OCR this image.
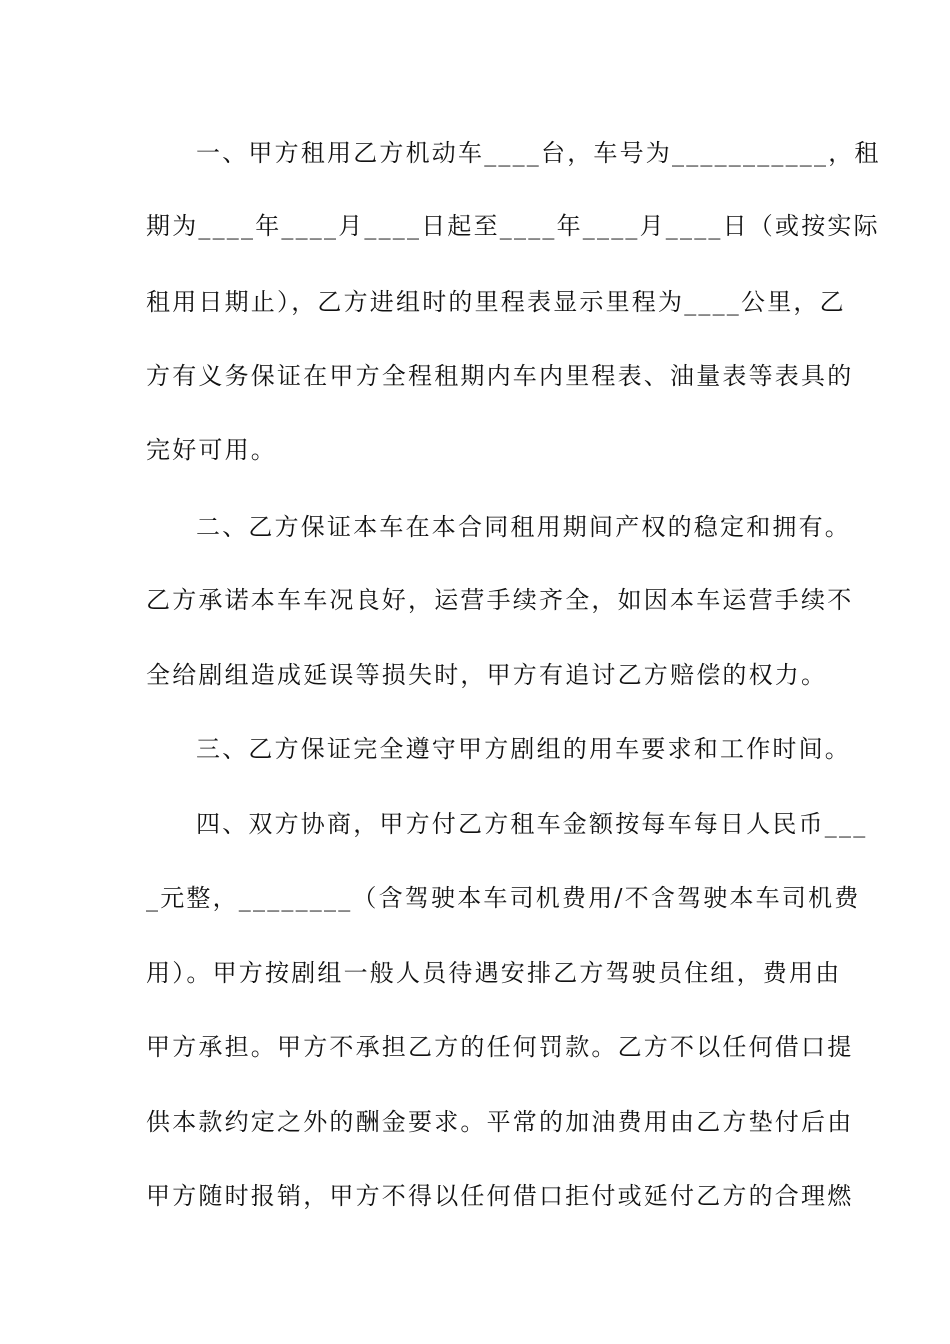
一、甲方租用乙方机动车____台，车号为___________，租
期为____年____月____日起至____年____月____日（或按实际
租用日期止），乙方进组时的里程表显示里程为____公里，乙
方有义务保证在甲方全程租期内车内里程表、油量表等表具的
完好可用。
二、乙方保证本车在本合同租用期间产权的稳定和拥有。
乙方承诺本车车况良好，运营手续齐全，如因本车运营手续不
全给剧组造成延误等损失时，甲方有追讨乙方赔偿的权力。
三、乙方保证完全遵守甲方剧组的用车要求和工作时间。
四、双方协商，甲方付乙方租车金额按每车每日人民币___
_元整，________（含驾驶本车司机费用/不含驾驶本车司机费
用）。甲方按剧组一般人员待遇安排乙方驾驶员住组，费用由
甲方承担。甲方不承担乙方的任何罚款。乙方不以任何借口提
供本款约定之外的酬金要求。平常的加油费用由乙方垫付后由
甲方随时报销，甲方不得以任何借口拒付或延付乙方的合理燃
